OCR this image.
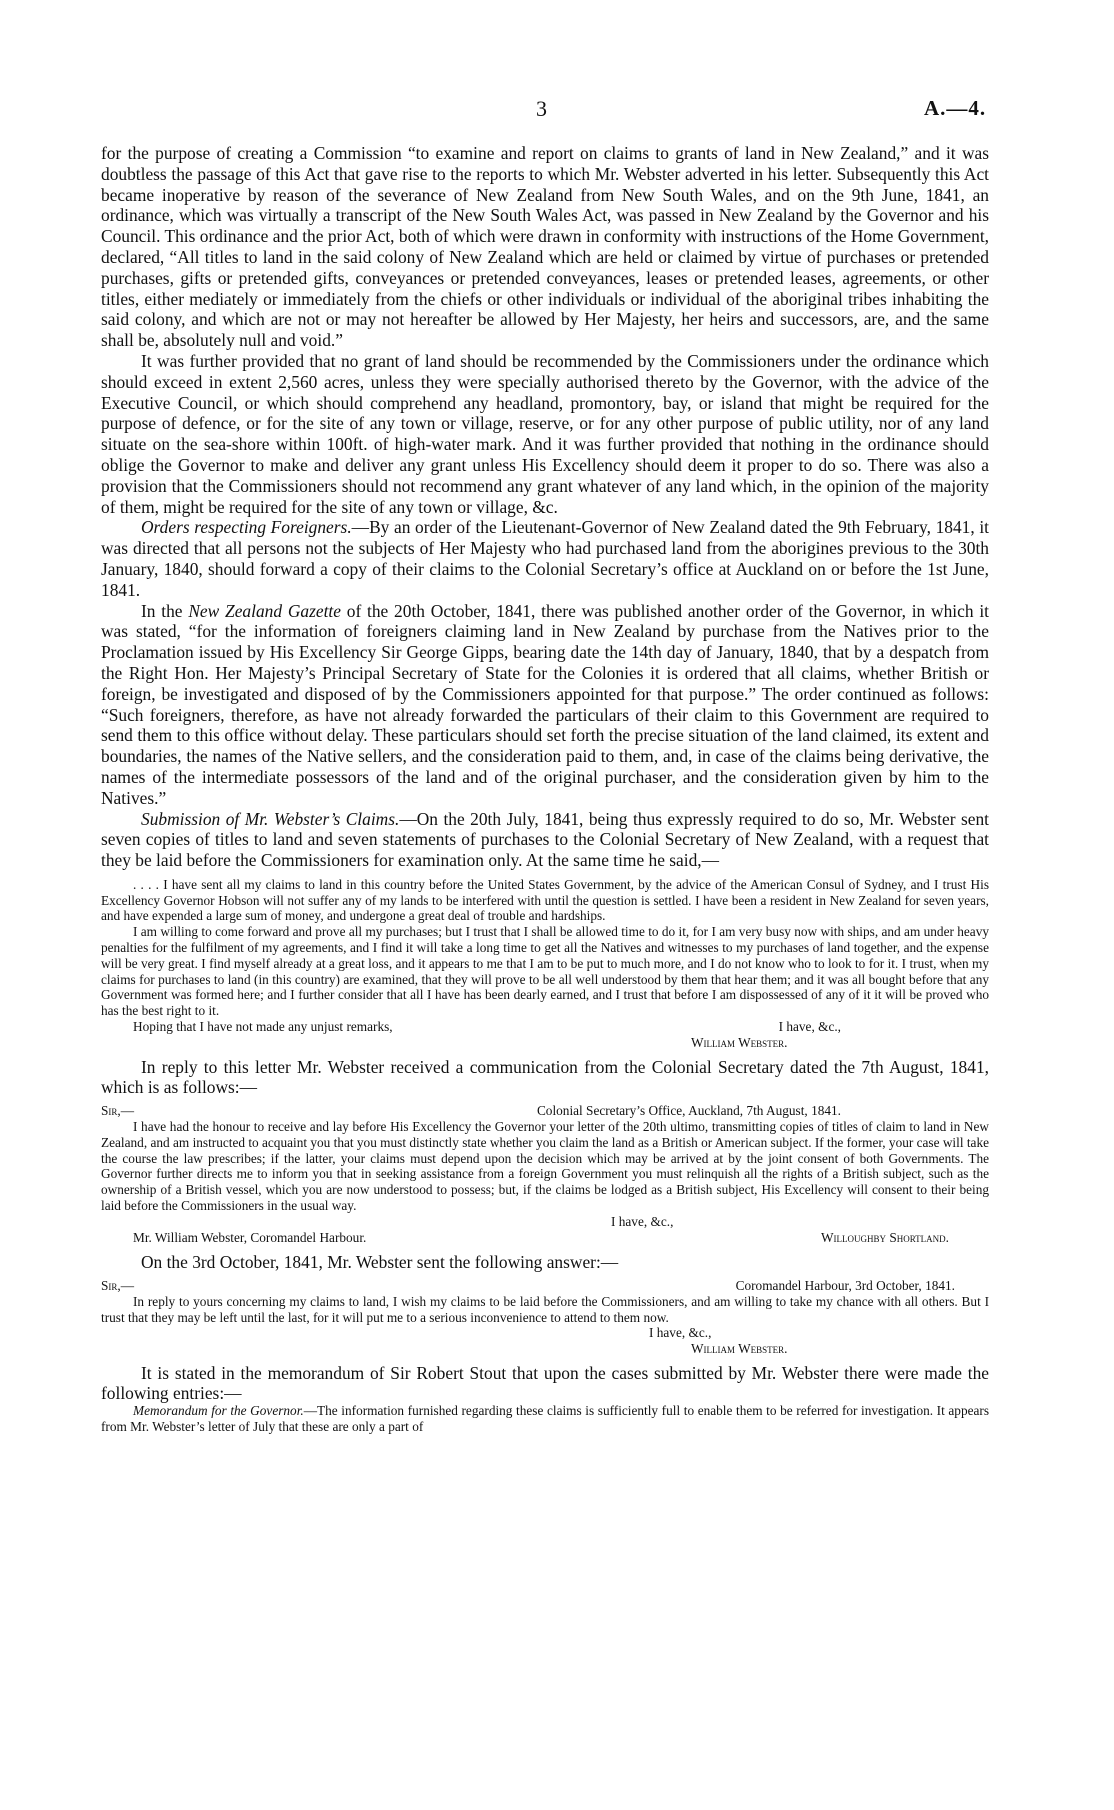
3	A.—4.

for the purpose of creating a Commission “to examine and report on claims to grants of land in New Zealand,” and it was doubtless the passage of this Act that gave rise to the reports to which Mr. Webster adverted in his letter. Subsequently this Act became inoperative by reason of the severance of New Zealand from New South Wales, and on the 9th June, 1841, an ordinance, which was virtually a transcript of the New South Wales Act, was passed in New Zealand by the Governor and his Council. This ordinance and the prior Act, both of which were drawn in conformity with instructions of the Home Government, declared, “All titles to land in the said colony of New Zealand which are held or claimed by virtue of purchases or pretended purchases, gifts or pretended gifts, conveyances or pretended conveyances, leases or pretended leases, agreements, or other titles, either mediately or immediately from the chiefs or other individuals or individual of the aboriginal tribes inhabiting the said colony, and which are not or may not hereafter be allowed by Her Majesty, her heirs and successors, are, and the same shall be, absolutely null and void.”

It was further provided that no grant of land should be recommended by the Commissioners under the ordinance which should exceed in extent 2,560 acres, unless they were specially authorised thereto by the Governor, with the advice of the Executive Council, or which should comprehend any headland, promontory, bay, or island that might be required for the purpose of defence, or for the site of any town or village, reserve, or for any other purpose of public utility, nor of any land situate on the sea-shore within 100ft. of high-water mark. And it was further provided that nothing in the ordinance should oblige the Governor to make and deliver any grant unless His Excellency should deem it proper to do so. There was also a provision that the Commissioners should not recommend any grant whatever of any land which, in the opinion of the majority of them, might be required for the site of any town or village, &c.

Orders respecting Foreigners.—By an order of the Lieutenant-Governor of New Zealand dated the 9th February, 1841, it was directed that all persons not the subjects of Her Majesty who had purchased land from the aborigines previous to the 30th January, 1840, should forward a copy of their claims to the Colonial Secretary’s office at Auckland on or before the 1st June, 1841.

In the New Zealand Gazette of the 20th October, 1841, there was published another order of the Governor, in which it was stated, “for the information of foreigners claiming land in New Zealand by purchase from the Natives prior to the Proclamation issued by His Excellency Sir George Gipps, bearing date the 14th day of January, 1840, that by a despatch from the Right Hon. Her Majesty’s Principal Secretary of State for the Colonies it is ordered that all claims, whether British or foreign, be investigated and disposed of by the Commissioners appointed for that purpose.” The order continued as follows: “Such foreigners, therefore, as have not already forwarded the particulars of their claim to this Government are required to send them to this office without delay. These particulars should set forth the precise situation of the land claimed, its extent and boundaries, the names of the Native sellers, and the consideration paid to them, and, in case of the claims being derivative, the names of the intermediate possessors of the land and of the original purchaser, and the consideration given by him to the Natives.”

Submission of Mr. Webster’s Claims.—On the 20th July, 1841, being thus expressly required to do so, Mr. Webster sent seven copies of titles to land and seven statements of purchases to the Colonial Secretary of New Zealand, with a request that they be laid before the Commissioners for examination only. At the same time he said,—

. . . . I have sent all my claims to land in this country before the United States Government, by the advice of the American Consul of Sydney, and I trust His Excellency Governor Hobson will not suffer any of my lands to be interfered with until the question is settled. I have been a resident in New Zealand for seven years, and have expended a large sum of money, and undergone a great deal of trouble and hardships.

I am willing to come forward and prove all my purchases; but I trust that I shall be allowed time to do it, for I am very busy now with ships, and am under heavy penalties for the fulfilment of my agreements, and I find it will take a long time to get all the Natives and witnesses to my purchases of land together, and the expense will be very great. I find myself already at a great loss, and it appears to me that I am to be put to much more, and I do not know who to look to for it. I trust, when my claims for purchases to land (in this country) are examined, that they will prove to be all well understood by them that hear them; and it was all bought before that any Government was formed here; and I further consider that all I have has been dearly earned, and I trust that before I am dispossessed of any of it it will be proved who has the best right to it.

Hoping that I have not made any unjust remarks,	I have, &c.,
William Webster.

In reply to this letter Mr. Webster received a communication from the Colonial Secretary dated the 7th August, 1841, which is as follows:—

Sir,—	Colonial Secretary’s Office, Auckland, 7th August, 1841.

I have had the honour to receive and lay before His Excellency the Governor your letter of the 20th ultimo, transmitting copies of titles of claim to land in New Zealand, and am instructed to acquaint you that you must distinctly state whether you claim the land as a British or American subject. If the former, your case will take the course the law prescribes; if the latter, your claims must depend upon the decision which may be arrived at by the joint consent of both Governments. The Governor further directs me to inform you that in seeking assistance from a foreign Government you must relinquish all the rights of a British subject, such as the ownership of a British vessel, which you are now understood to possess; but, if the claims be lodged as a British subject, His Excellency will consent to their being laid before the Commissioners in the usual way.

I have, &c.,
Mr. William Webster, Coromandel Harbour.	Willoughby Shortland.

On the 3rd October, 1841, Mr. Webster sent the following answer:—

Sir,—	Coromandel Harbour, 3rd October, 1841.

In reply to yours concerning my claims to land, I wish my claims to be laid before the Commissioners, and am willing to take my chance with all others. But I trust that they may be left until the last, for it will put me to a serious inconvenience to attend to them now.

I have, &c.,
William Webster.

It is stated in the memorandum of Sir Robert Stout that upon the cases submitted by Mr. Webster there were made the following entries:—

Memorandum for the Governor.—The information furnished regarding these claims is sufficiently full to enable them to be referred for investigation. It appears from Mr. Webster’s letter of July that these are only a part of
